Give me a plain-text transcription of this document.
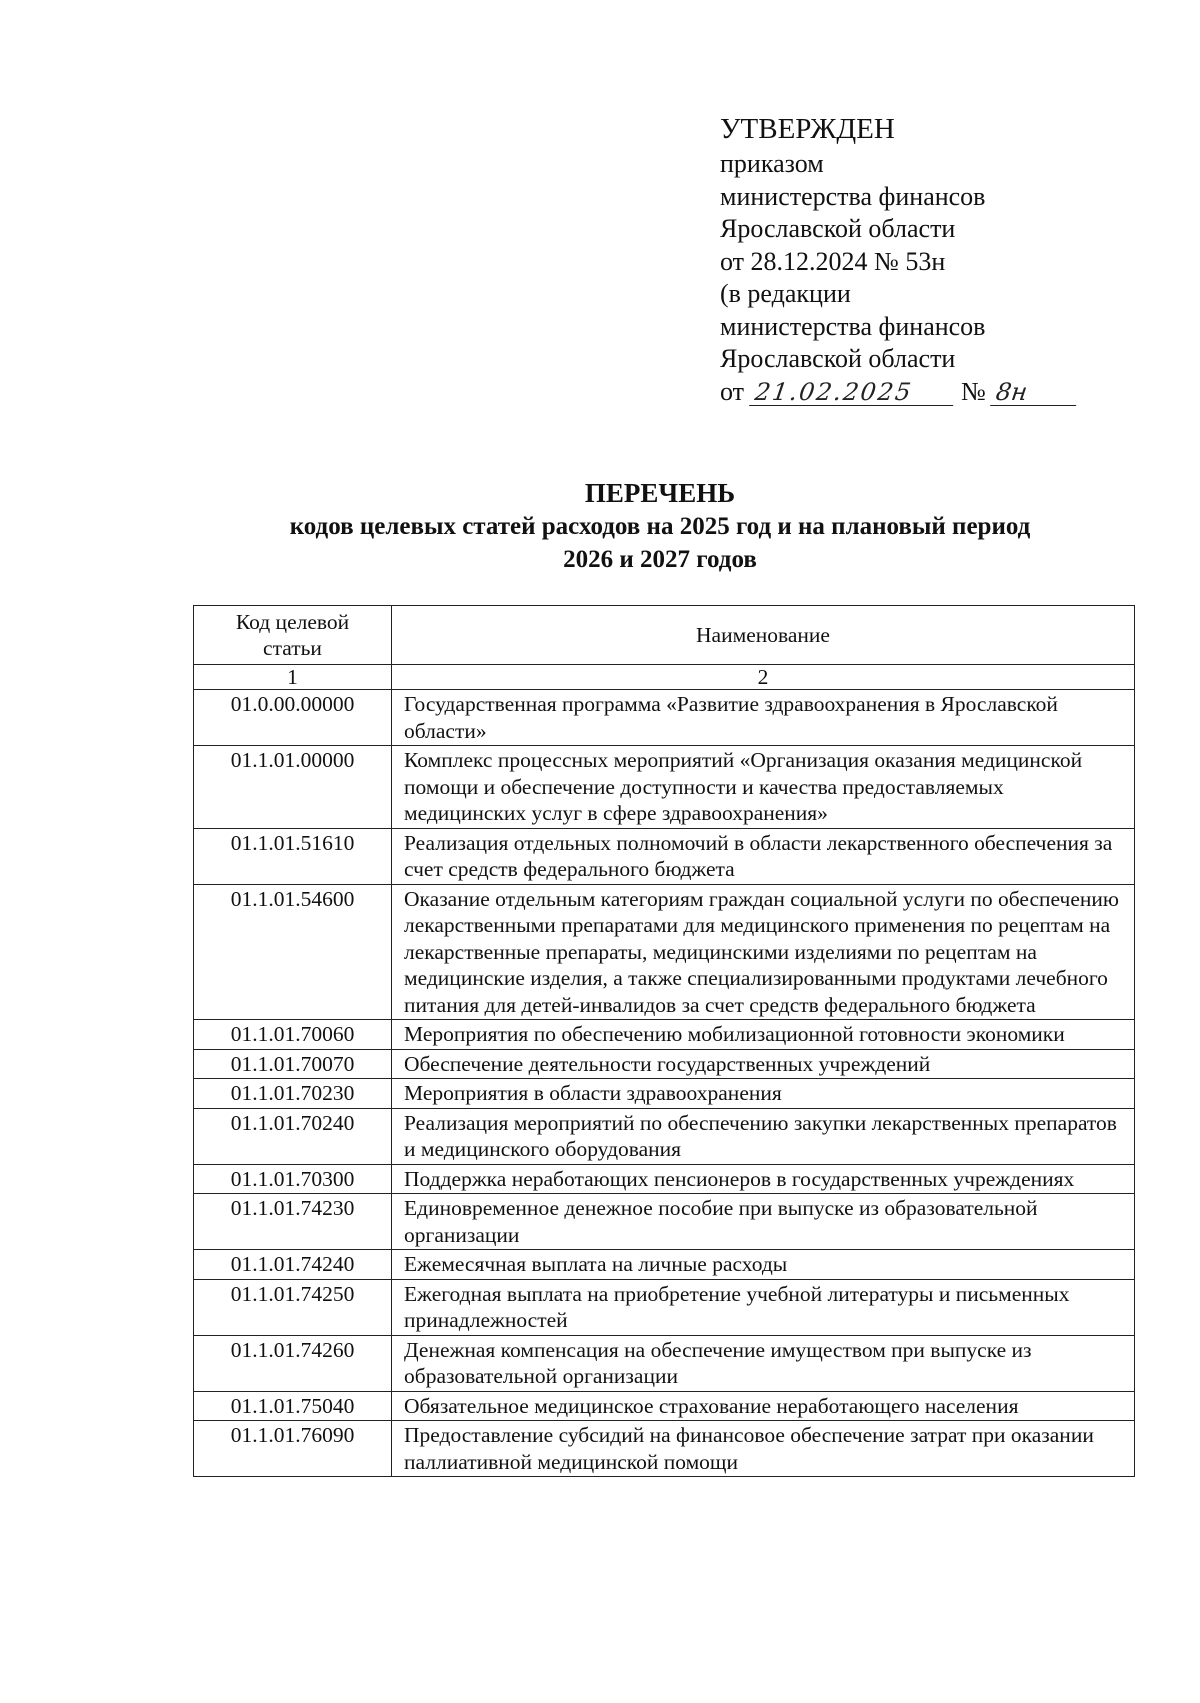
УТВЕРЖДЕН
приказом
министерства финансов
Ярославской области
от 28.12.2024 № 53н
(в редакции
министерства финансов
Ярославской области
от 21.02.2025 № 8н
ПЕРЕЧЕНЬ
кодов целевых статей расходов на 2025 год и на плановый период
2026 и 2027 годов
Код целевой статьи	Наименование
1	2
01.0.00.00000	Государственная программа «Развитие здравоохранения в Ярославской области»
01.1.01.00000	Комплекс процессных мероприятий «Организация оказания медицинской помощи и обеспечение доступности и качества предоставляемых медицинских услуг в сфере здравоохранения»
01.1.01.51610	Реализация отдельных полномочий в области лекарственного обеспечения за счет средств федерального бюджета
01.1.01.54600	Оказание отдельным категориям граждан социальной услуги по обеспечению лекарственными препаратами для медицинского применения по рецептам на лекарственные препараты, медицинскими изделиями по рецептам на медицинские изделия, а также специализированными продуктами лечебного питания для детей-инвалидов за счет средств федерального бюджета
01.1.01.70060	Мероприятия по обеспечению мобилизационной готовности экономики
01.1.01.70070	Обеспечение деятельности государственных учреждений
01.1.01.70230	Мероприятия в области здравоохранения
01.1.01.70240	Реализация мероприятий по обеспечению закупки лекарственных препаратов и медицинского оборудования
01.1.01.70300	Поддержка неработающих пенсионеров в государственных учреждениях
01.1.01.74230	Единовременное денежное пособие при выпуске из образовательной организации
01.1.01.74240	Ежемесячная выплата на личные расходы
01.1.01.74250	Ежегодная выплата на приобретение учебной литературы и письменных принадлежностей
01.1.01.74260	Денежная компенсация на обеспечение имуществом при выпуске из образовательной организации
01.1.01.75040	Обязательное медицинское страхование неработающего населения
01.1.01.76090	Предоставление субсидий на финансовое обеспечение затрат при оказании паллиативной медицинской помощи
